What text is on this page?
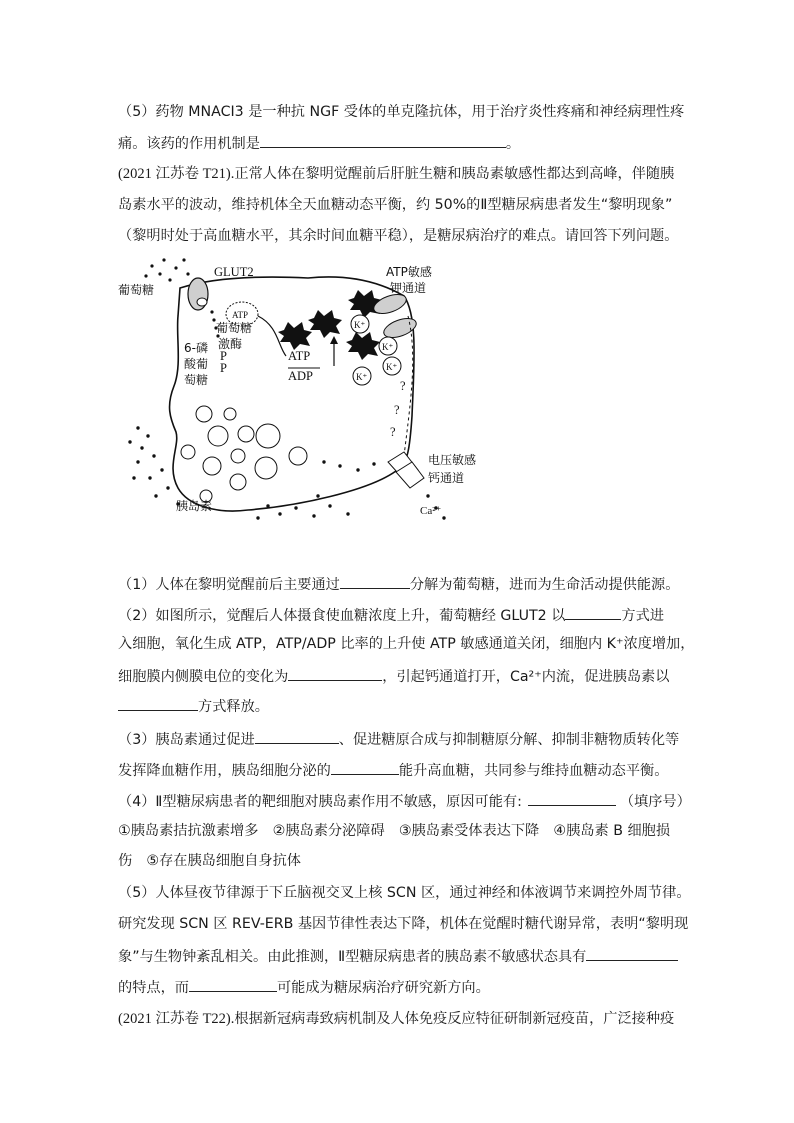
（5）药物 MNACI3 是一种抗 NGF 受体的单克隆抗体，用于治疗炎性疼痛和神经病理性疼
痛。该药的作用机制是	。
(2021 江苏卷 T21).正常人体在黎明觉醒前后肝脏生糖和胰岛素敏感性都达到高峰，伴随胰
岛素水平的波动，维持机体全天血糖动态平衡，约 50%的Ⅱ型糖尿病患者发生“黎明现象”
（黎明时处于高血糖水平，其余时间血糖平稳），是糖尿病治疗的难点。请回答下列问题。
ATP
葡萄糖
GLUT2	ATP敏感
钾通道
葡萄糖
激酶
6-磷
酸葡
萄糖
P
P
ATP
ADP
K⁺
K⁺
K⁺
K⁺
?
?
?
电压敏感
钙通道
Ca²⁺
胰岛素
（1）人体在黎明觉醒前后主要通过	分解为葡萄糖，进而为生命活动提供能源。
（2）如图所示，觉醒后人体摄食使血糖浓度上升，葡萄糖经 GLUT2 以	方式进
入细胞，氧化生成 ATP，ATP/ADP 比率的上升使 ATP 敏感通道关闭，细胞内 K⁺浓度增加，
细胞膜内侧膜电位的变化为	，引起钙通道打开，Ca²⁺内流，促进胰岛素以
方式释放。
（3）胰岛素通过促进	、促进糖原合成与抑制糖原分解、抑制非糖物质转化等
发挥降血糖作用，胰岛细胞分泌的	能升高血糖，共同参与维持血糖动态平衡。
（4）Ⅱ型糖尿病患者的靶细胞对胰岛素作用不敏感，原因可能有:	（填序号）
①胰岛素拮抗激素增多　②胰岛素分泌障碍　③胰岛素受体表达下降　④胰岛素 B 细胞损
伤　⑤存在胰岛细胞自身抗体
（5）人体昼夜节律源于下丘脑视交叉上核 SCN 区，通过神经和体液调节来调控外周节律。
研究发现 SCN 区 REV-ERB 基因节律性表达下降，机体在觉醒时糖代谢异常，表明“黎明现
象”与生物钟紊乱相关。由此推测，Ⅱ型糖尿病患者的胰岛素不敏感状态具有
的特点，而	可能成为糖尿病治疗研究新方向。
(2021 江苏卷 T22).根据新冠病毒致病机制及人体免疫反应特征研制新冠疫苗，广泛接种疫
